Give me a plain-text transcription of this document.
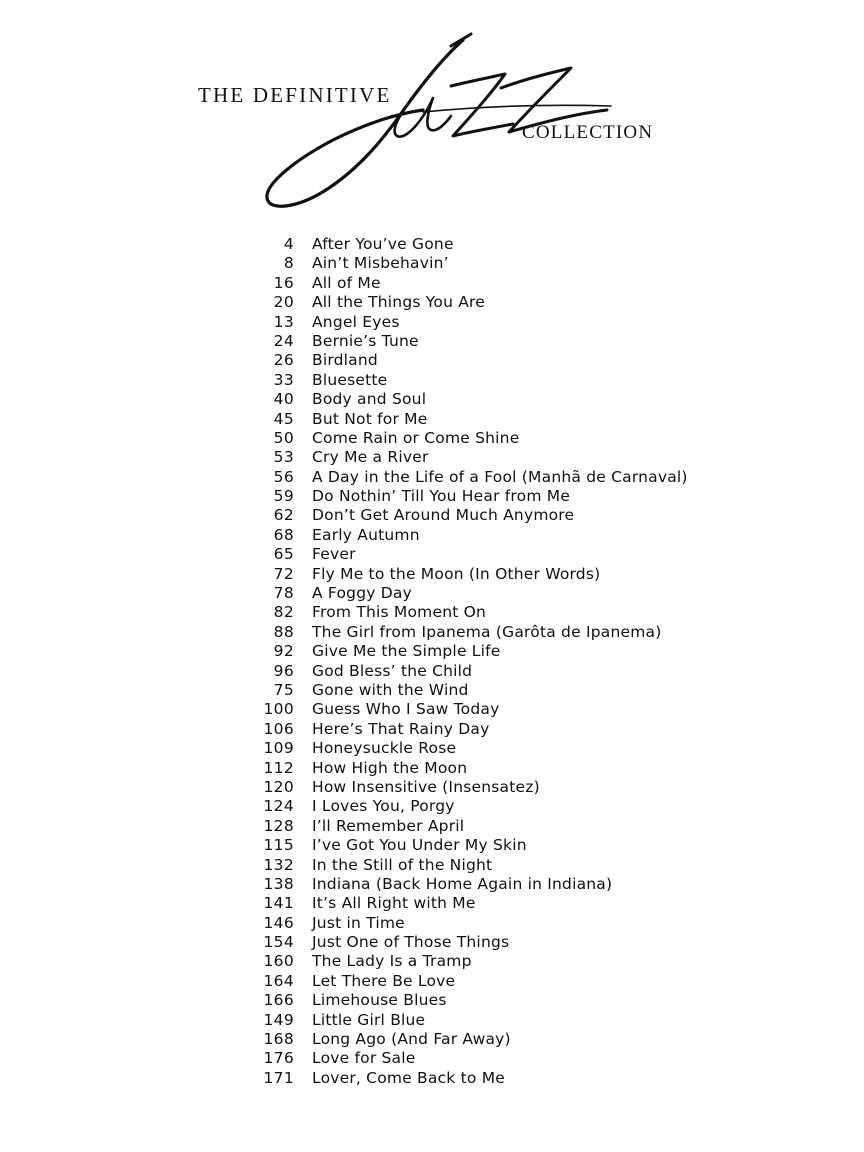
THE DEFINITIVE
COLLECTION
4	After You’ve Gone
8	Ain’t Misbehavin’
16	All of Me
20	All the Things You Are
13	Angel Eyes
24	Bernie’s Tune
26	Birdland
33	Bluesette
40	Body and Soul
45	But Not for Me
50	Come Rain or Come Shine
53	Cry Me a River
56	A Day in the Life of a Fool (Manhã de Carnaval)
59	Do Nothin’ Till You Hear from Me
62	Don’t Get Around Much Anymore
68	Early Autumn
65	Fever
72	Fly Me to the Moon (In Other Words)
78	A Foggy Day
82	From This Moment On
88	The Girl from Ipanema (Garôta de Ipanema)
92	Give Me the Simple Life
96	God Bless’ the Child
75	Gone with the Wind
100	Guess Who I Saw Today
106	Here’s That Rainy Day
109	Honeysuckle Rose
112	How High the Moon
120	How Insensitive (Insensatez)
124	I Loves You, Porgy
128	I’ll Remember April
115	I’ve Got You Under My Skin
132	In the Still of the Night
138	Indiana (Back Home Again in Indiana)
141	It’s All Right with Me
146	Just in Time
154	Just One of Those Things
160	The Lady Is a Tramp
164	Let There Be Love
166	Limehouse Blues
149	Little Girl Blue
168	Long Ago (And Far Away)
176	Love for Sale
171	Lover, Come Back to Me
